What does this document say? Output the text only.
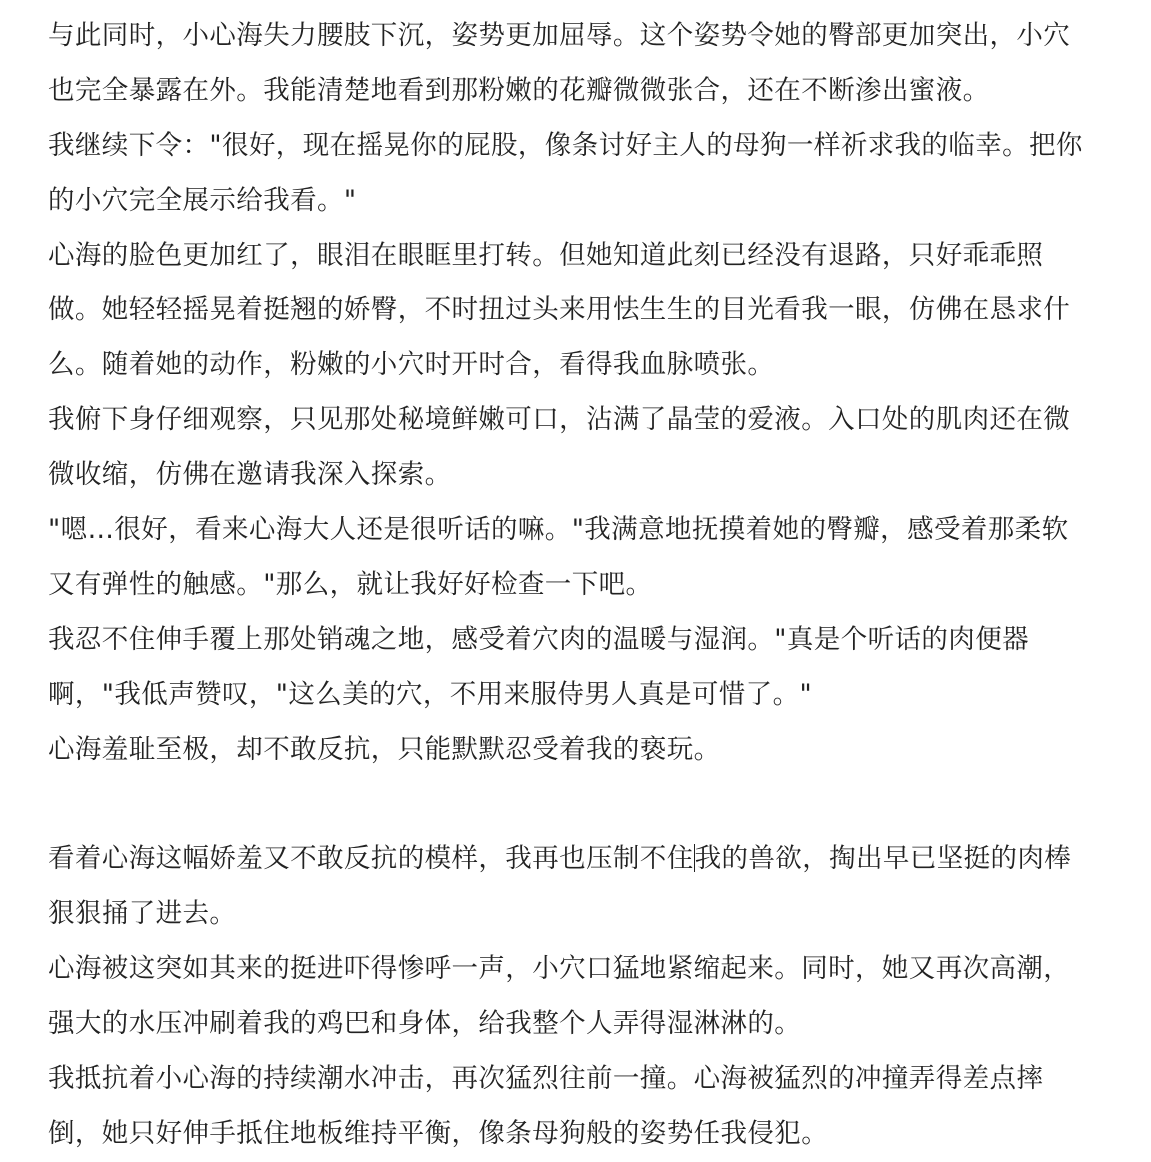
与此同时，小心海失力腰肢下沉，姿势更加屈辱。这个姿势令她的臀部更加突出，小穴
也完全暴露在外。我能清楚地看到那粉嫩的花瓣微微张合，还在不断渗出蜜液。
我继续下令："很好，现在摇晃你的屁股，像条讨好主人的母狗一样祈求我的临幸。把你
的小穴完全展示给我看。"
心海的脸色更加红了，眼泪在眼眶里打转。但她知道此刻已经没有退路，只好乖乖照
做。她轻轻摇晃着挺翘的娇臀，不时扭过头来用怯生生的目光看我一眼，仿佛在恳求什
么。随着她的动作，粉嫩的小穴时开时合，看得我血脉喷张。
我俯下身仔细观察，只见那处秘境鲜嫩可口，沾满了晶莹的爱液。入口处的肌肉还在微
微收缩，仿佛在邀请我深入探索。
"嗯…很好，看来心海大人还是很听话的嘛。"我满意地抚摸着她的臀瓣，感受着那柔软
又有弹性的触感。"那么，就让我好好检查一下吧。
我忍不住伸手覆上那处销魂之地，感受着穴肉的温暖与湿润。"真是个听话的肉便器
啊，"我低声赞叹，"这么美的穴，不用来服侍男人真是可惜了。"
心海羞耻至极，却不敢反抗，只能默默忍受着我的亵玩。
看着心海这幅娇羞又不敢反抗的模样，我再也压制不住我的兽欲，掏出早已坚挺的肉棒
狠狠捅了进去。
心海被这突如其来的挺进吓得惨呼一声，小穴口猛地紧缩起来。同时，她又再次高潮，
强大的水压冲刷着我的鸡巴和身体，给我整个人弄得湿淋淋的。
我抵抗着小心海的持续潮水冲击，再次猛烈往前一撞。心海被猛烈的冲撞弄得差点摔
倒，她只好伸手抵住地板维持平衡，像条母狗般的姿势任我侵犯。
